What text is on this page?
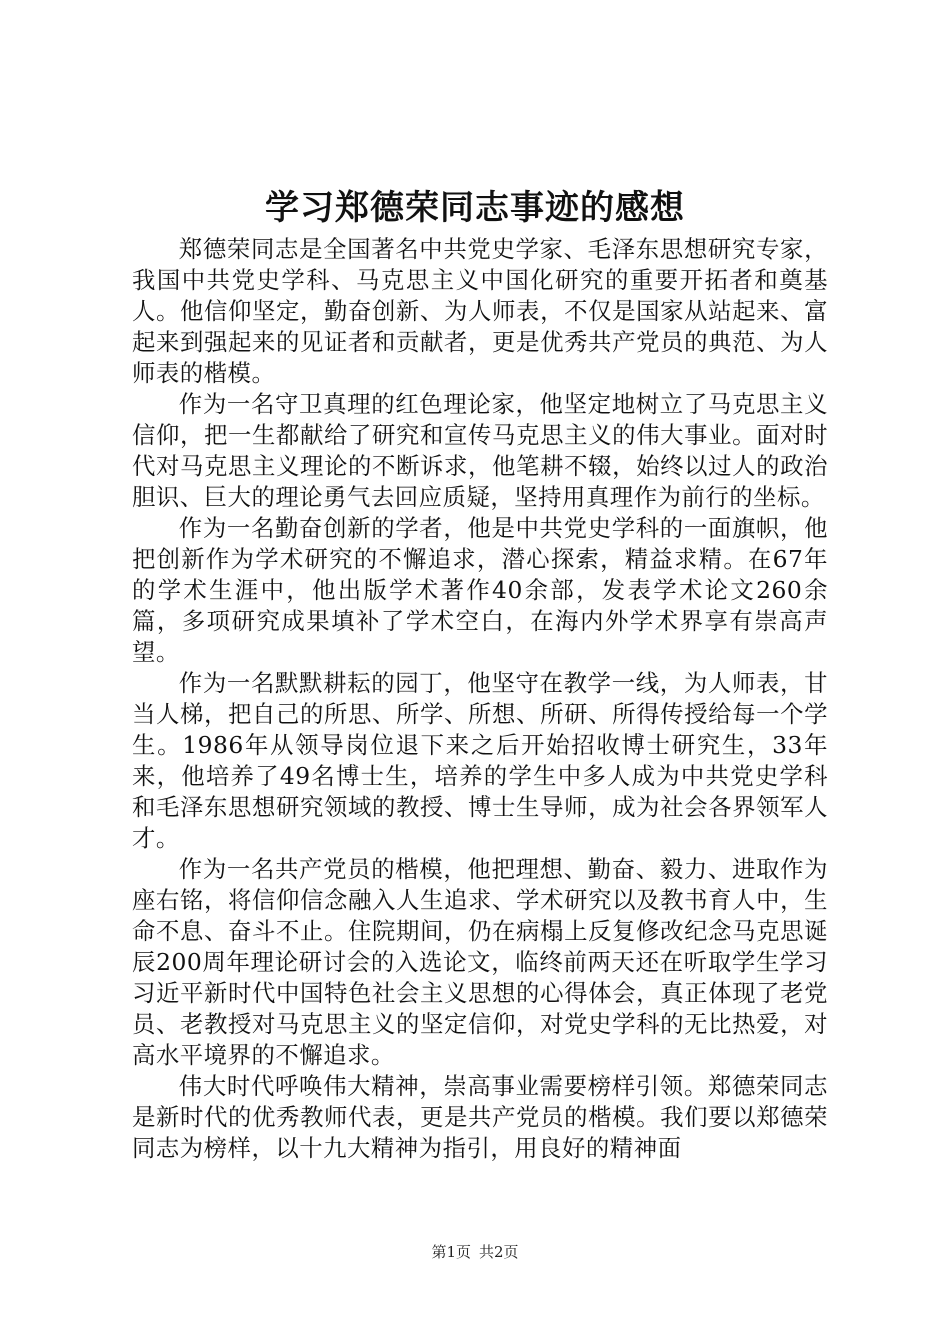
学习郑德荣同志事迹的感想

郑德荣同志是全国著名中共党史学家、毛泽东思想研究专家，我国中共党史学科、马克思主义中国化研究的重要开拓者和奠基人。他信仰坚定，勤奋创新、为人师表，不仅是国家从站起来、富起来到强起来的见证者和贡献者，更是优秀共产党员的典范、为人师表的楷模。

作为一名守卫真理的红色理论家，他坚定地树立了马克思主义信仰，把一生都献给了研究和宣传马克思主义的伟大事业。面对时代对马克思主义理论的不断诉求，他笔耕不辍，始终以过人的政治胆识、巨大的理论勇气去回应质疑，坚持用真理作为前行的坐标。

作为一名勤奋创新的学者，他是中共党史学科的一面旗帜，他把创新作为学术研究的不懈追求，潜心探索，精益求精。在67年的学术生涯中，他出版学术著作40余部，发表学术论文260余篇，多项研究成果填补了学术空白，在海内外学术界享有崇高声望。

作为一名默默耕耘的园丁，他坚守在教学一线，为人师表，甘当人梯，把自己的所思、所学、所想、所研、所得传授给每一个学生。1986年从领导岗位退下来之后开始招收博士研究生，33年来，他培养了49名博士生，培养的学生中多人成为中共党史学科和毛泽东思想研究领域的教授、博士生导师，成为社会各界领军人才。

作为一名共产党员的楷模，他把理想、勤奋、毅力、进取作为座右铭，将信仰信念融入人生追求、学术研究以及教书育人中，生命不息、奋斗不止。住院期间，仍在病榻上反复修改纪念马克思诞辰200周年理论研讨会的入选论文，临终前两天还在听取学生学习习近平新时代中国特色社会主义思想的心得体会，真正体现了老党员、老教授对马克思主义的坚定信仰，对党史学科的无比热爱，对高水平境界的不懈追求。

伟大时代呼唤伟大精神，崇高事业需要榜样引领。郑德荣同志是新时代的优秀教师代表，更是共产党员的楷模。我们要以郑德荣同志为榜样，以十九大精神为指引，用良好的精神面

第1页 共2页
